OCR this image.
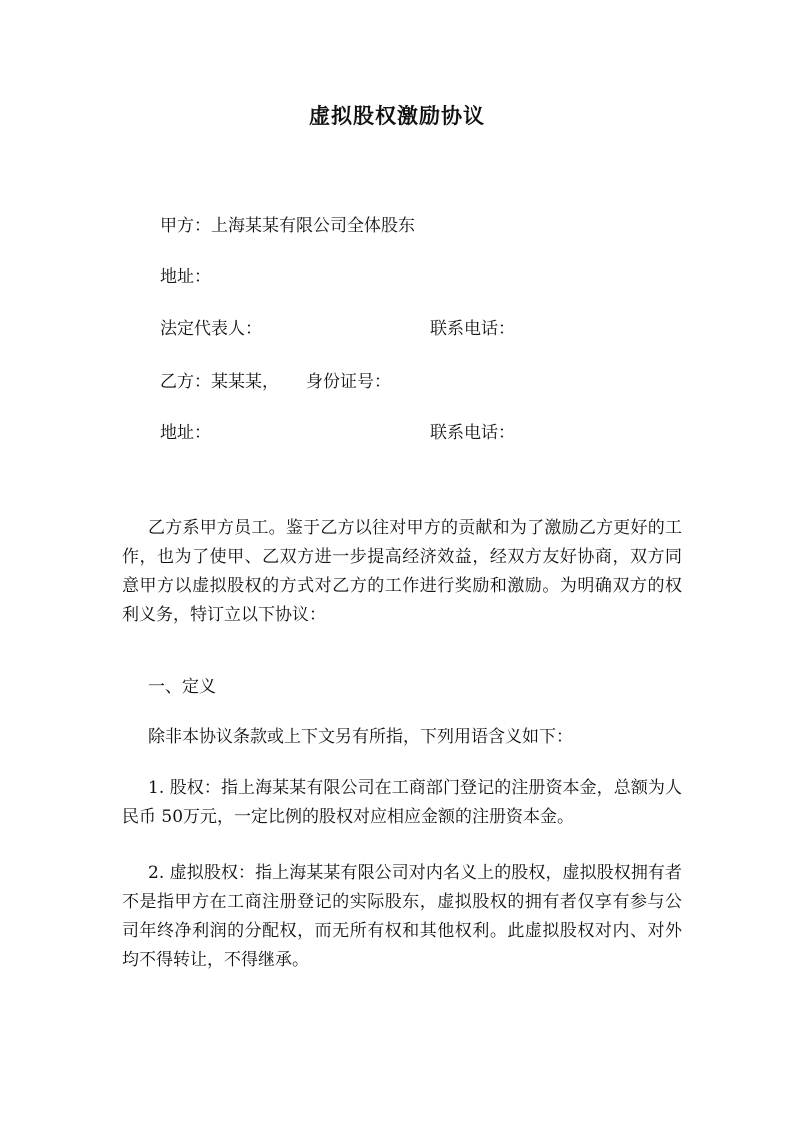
虚拟股权激励协议
甲方：上海某某有限公司全体股东
地址：
法定代表人：	联系电话：
乙方：某某某， 身份证号：
地址：	联系电话：
乙方系甲方员工。鉴于乙方以往对甲方的贡献和为了激励乙方更好的工作，也为了使甲、乙双方进一步提高经济效益，经双方友好协商，双方同意甲方以虚拟股权的方式对乙方的工作进行奖励和激励。为明确双方的权利义务，特订立以下协议：
一、定义
除非本协议条款或上下文另有所指，下列用语含义如下：
1. 股权：指上海某某有限公司在工商部门登记的注册资本金，总额为人民币 50万元，一定比例的股权对应相应金额的注册资本金。
2. 虚拟股权：指上海某某有限公司对内名义上的股权，虚拟股权拥有者不是指甲方在工商注册登记的实际股东，虚拟股权的拥有者仅享有参与公司年终净利润的分配权，而无所有权和其他权利。此虚拟股权对内、对外均不得转让，不得继承。
